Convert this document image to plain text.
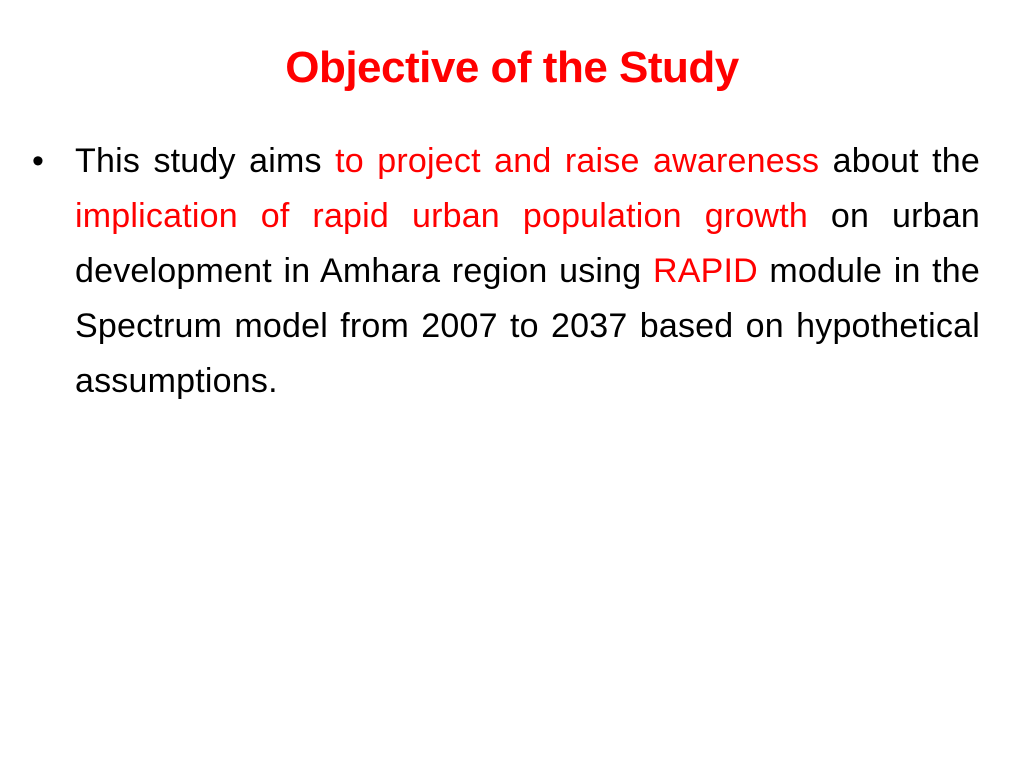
Objective of the Study
• This study aims to project and raise awareness about the implication of rapid urban population growth on urban development in Amhara region using RAPID module in the Spectrum model from 2007 to 2037 based on hypothetical assumptions.
